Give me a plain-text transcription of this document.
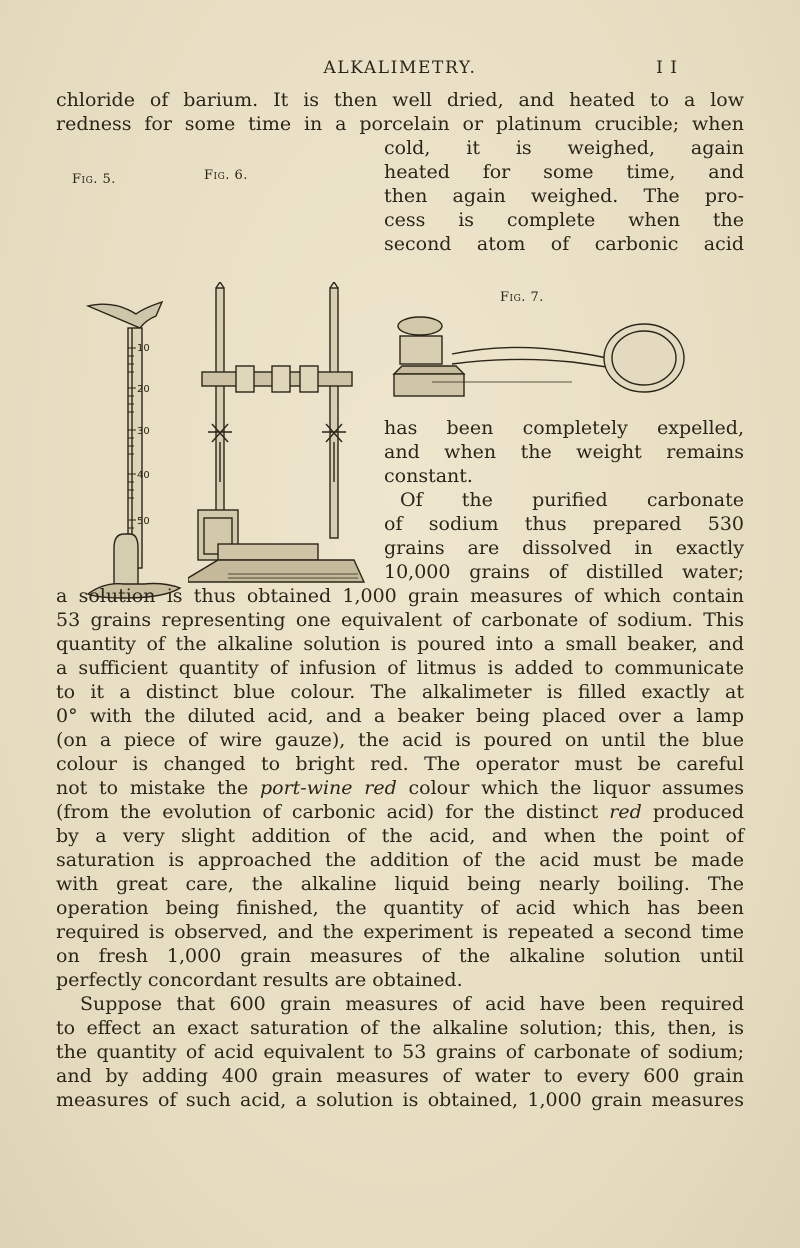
ALKALIMETRY.	I I
chloride of barium. It is then well dried, and heated to a low
redness for some time in a porcelain or platinum crucible; when
cold, it is weighed, again
heated for some time, and
then again weighed. The pro-
cess is complete when the
second atom of carbonic acid
Fig. 5.	Fig. 6.
Fig. 7.
10
20
30
40
50
has been completely expelled,
and when the weight remains
constant.
Of the purified carbonate
of sodium thus prepared 530
grains are dissolved in exactly
10,000 grains of distilled water;
a solution is thus obtained 1,000 grain measures of which contain
53 grains representing one equivalent of carbonate of sodium. This
quantity of the alkaline solution is poured into a small beaker, and
a sufficient quantity of infusion of litmus is added to communicate
to it a distinct blue colour. The alkalimeter is filled exactly at
0° with the diluted acid, and a beaker being placed over a lamp
(on a piece of wire gauze), the acid is poured on until the blue
colour is changed to bright red. The operator must be careful
not to mistake the port-wine red colour which the liquor assumes
(from the evolution of carbonic acid) for the distinct red produced
by a very slight addition of the acid, and when the point of
saturation is approached the addition of the acid must be made
with great care, the alkaline liquid being nearly boiling. The
operation being finished, the quantity of acid which has been
required is observed, and the experiment is repeated a second time
on fresh 1,000 grain measures of the alkaline solution until
perfectly concordant results are obtained.
Suppose that 600 grain measures of acid have been required
to effect an exact saturation of the alkaline solution; this, then, is
the quantity of acid equivalent to 53 grains of carbonate of sodium;
and by adding 400 grain measures of water to every 600 grain
measures of such acid, a solution is obtained, 1,000 grain measures
